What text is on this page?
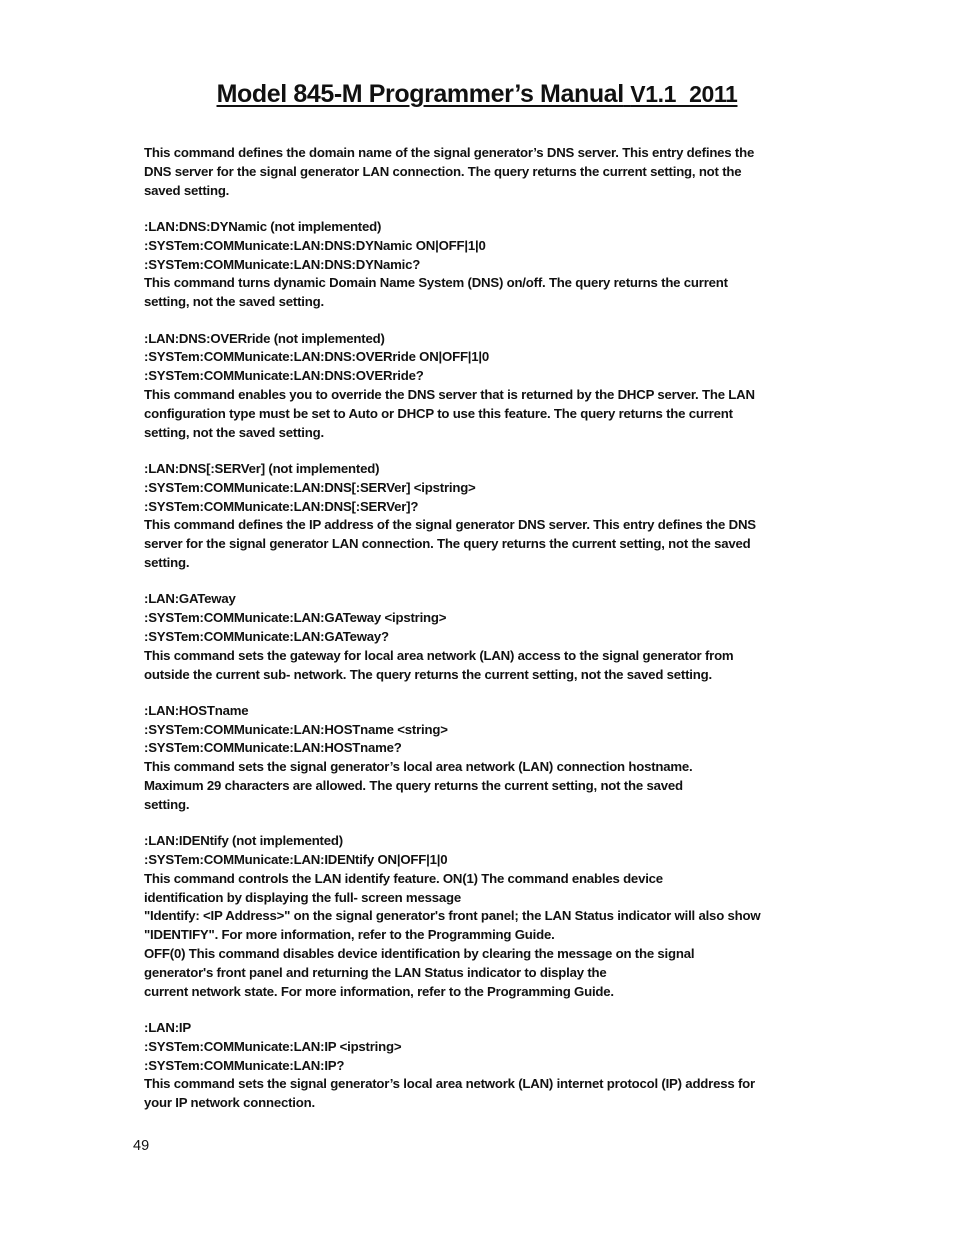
Model 845-M Programmer’s Manual V1.1 2011
This command defines the domain name of the signal generator’s DNS server. This entry defines the
DNS server for the signal generator LAN connection. The query returns the current setting, not the
saved setting.
:LAN:DNS:DYNamic (not implemented)
:SYSTem:COMMunicate:LAN:DNS:DYNamic ON|OFF|1|0
:SYSTem:COMMunicate:LAN:DNS:DYNamic?
This command turns dynamic Domain Name System (DNS) on/off. The query returns the current
setting, not the saved setting.
:LAN:DNS:OVERride (not implemented)
:SYSTem:COMMunicate:LAN:DNS:OVERride ON|OFF|1|0
:SYSTem:COMMunicate:LAN:DNS:OVERride?
This command enables you to override the DNS server that is returned by the DHCP server. The LAN
configuration type must be set to Auto or DHCP to use this feature. The query returns the current
setting, not the saved setting.
:LAN:DNS[:SERVer] (not implemented)
:SYSTem:COMMunicate:LAN:DNS[:SERVer] <ipstring>
:SYSTem:COMMunicate:LAN:DNS[:SERVer]?
This command defines the IP address of the signal generator DNS server. This entry defines the DNS
server for the signal generator LAN connection. The query returns the current setting, not the saved
setting.
:LAN:GATeway
:SYSTem:COMMunicate:LAN:GATeway <ipstring>
:SYSTem:COMMunicate:LAN:GATeway?
This command sets the gateway for local area network (LAN) access to the signal generator from
outside the current sub- network. The query returns the current setting, not the saved setting.
:LAN:HOSTname
:SYSTem:COMMunicate:LAN:HOSTname <string>
:SYSTem:COMMunicate:LAN:HOSTname?
This command sets the signal generator’s local area network (LAN) connection hostname.
Maximum 29 characters are allowed. The query returns the current setting, not the saved
setting.
:LAN:IDENtify (not implemented)
:SYSTem:COMMunicate:LAN:IDENtify ON|OFF|1|0
This command controls the LAN identify feature. ON(1) The command enables device
identification by displaying the full- screen message
"Identify: <IP Address>" on the signal generator's front panel; the LAN Status indicator will also show
"IDENTIFY". For more information, refer to the Programming Guide.
OFF(0) This command disables device identification by clearing the message on the signal
generator's front panel and returning the LAN Status indicator to display the
current network state. For more information, refer to the Programming Guide.
:LAN:IP
:SYSTem:COMMunicate:LAN:IP <ipstring>
:SYSTem:COMMunicate:LAN:IP?
This command sets the signal generator’s local area network (LAN) internet protocol (IP) address for
your IP network connection.
49
